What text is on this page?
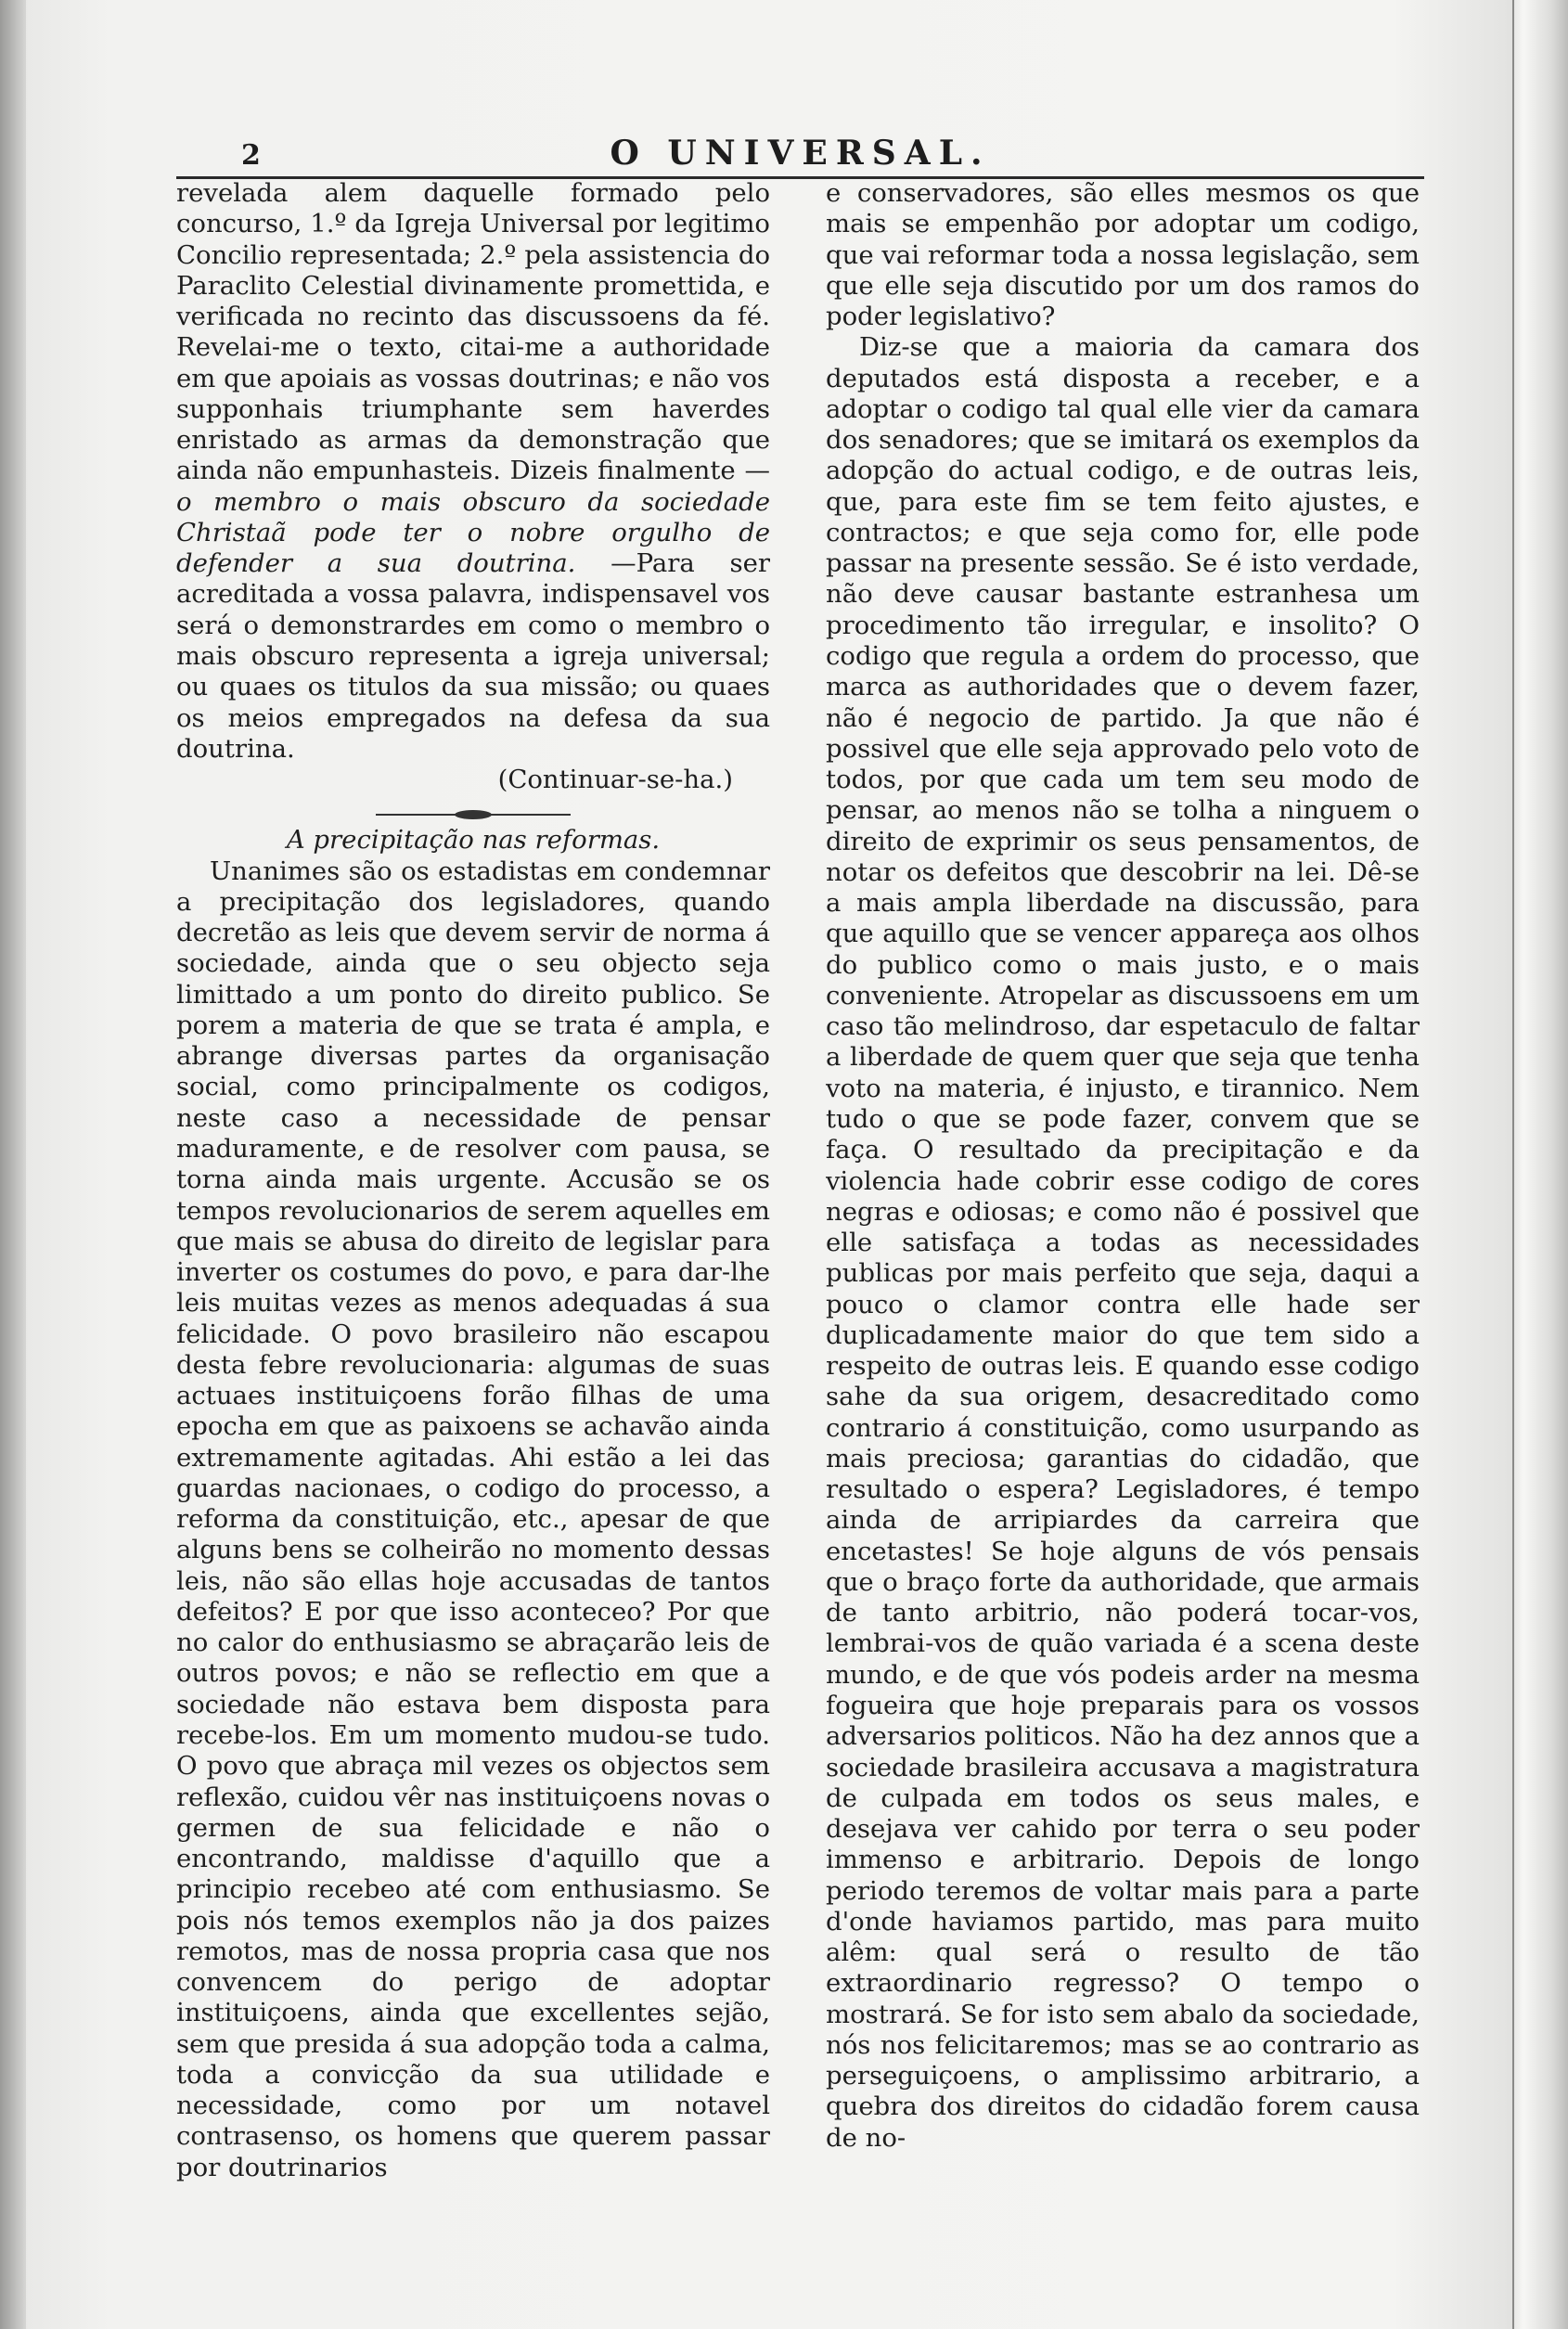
2	O UNIVERSAL.

revelada alem daquelle formado pelo concurso, 1.º da Igreja Universal por legitimo Concilio representada; 2.º pela assistencia do Paraclito Celestial divinamente promettida, e verificada no recinto das discussoens da fé. Revelai-me o texto, citai-me a authoridade em que apoiais as vossas doutrinas; e não vos supponhais triumphante sem haverdes enristado as armas da demonstração que ainda não empunhasteis. Dizeis finalmente — o membro o mais obscuro da sociedade Christaã pode ter o nobre orgulho de defender a sua doutrina. —Para ser acreditada a vossa palavra, indispensavel vos será o demonstrardes em como o membro o mais obscuro representa a igreja universal; ou quaes os titulos da sua missão; ou quaes os meios empregados na defesa da sua doutrina.

(Continuar-se-ha.)

A precipitação nas reformas.

Unanimes são os estadistas em condemnar a precipitação dos legisladores, quando decretão as leis que devem servir de norma á sociedade, ainda que o seu objecto seja limittado a um ponto do direito publico. Se porem a materia de que se trata é ampla, e abrange diversas partes da organisação social, como principalmente os codigos, neste caso a necessidade de pensar maduramente, e de resolver com pausa, se torna ainda mais urgente. Accusão se os tempos revolucionarios de serem aquelles em que mais se abusa do direito de legislar para inverter os costumes do povo, e para dar-lhe leis muitas vezes as menos adequadas á sua felicidade. O povo brasileiro não escapou desta febre revolucionaria: algumas de suas actuaes instituiçoens forão filhas de uma epocha em que as paixoens se achavão ainda extremamente agitadas. Ahi estão a lei das guardas nacionaes, o codigo do processo, a reforma da constituição, etc., apesar de que alguns bens se colheirão no momento dessas leis, não são ellas hoje accusadas de tantos defeitos? E por que isso aconteceo? Por que no calor do enthusiasmo se abraçarão leis de outros povos; e não se reflectio em que a sociedade não estava bem disposta para recebe-los. Em um momento mudou-se tudo. O povo que abraça mil vezes os objectos sem reflexão, cuidou vêr nas instituiçoens novas o germen de sua felicidade e não o encontrando, maldisse d'aquillo que a principio recebeo até com enthusiasmo. Se pois nós temos exemplos não ja dos paizes remotos, mas de nossa propria casa que nos convencem do perigo de adoptar instituiçoens, ainda que excellentes sejão, sem que presida á sua adopção toda a calma, toda a convicção da sua utilidade e necessidade, como por um notavel contrasenso, os homens que querem passar por doutrinarios

e conservadores, são elles mesmos os que mais se empenhão por adoptar um codigo, que vai reformar toda a nossa legislação, sem que elle seja discutido por um dos ramos do poder legislativo?

Diz-se que a maioria da camara dos deputados está disposta a receber, e a adoptar o codigo tal qual elle vier da camara dos senadores; que se imitará os exemplos da adopção do actual codigo, e de outras leis, que, para este fim se tem feito ajustes, e contractos; e que seja como for, elle pode passar na presente sessão. Se é isto verdade, não deve causar bastante estranhesa um procedimento tão irregular, e insolito? O codigo que regula a ordem do processo, que marca as authoridades que o devem fazer, não é negocio de partido. Ja que não é possivel que elle seja approvado pelo voto de todos, por que cada um tem seu modo de pensar, ao menos não se tolha a ninguem o direito de exprimir os seus pensamentos, de notar os defeitos que descobrir na lei. Dê-se a mais ampla liberdade na discussão, para que aquillo que se vencer appareça aos olhos do publico como o mais justo, e o mais conveniente. Atropelar as discussoens em um caso tão melindroso, dar espetaculo de faltar a liberdade de quem quer que seja que tenha voto na materia, é injusto, e tirannico. Nem tudo o que se pode fazer, convem que se faça. O resultado da precipitação e da violencia hade cobrir esse codigo de cores negras e odiosas; e como não é possivel que elle satisfaça a todas as necessidades publicas por mais perfeito que seja, daqui a pouco o clamor contra elle hade ser duplicadamente maior do que tem sido a respeito de outras leis. E quando esse codigo sahe da sua origem, desacreditado como contrario á constituição, como usurpando as mais preciosa; garantias do cidadão, que resultado o espera? Legisladores, é tempo ainda de arripiardes da carreira que encetastes! Se hoje alguns de vós pensais que o braço forte da authoridade, que armais de tanto arbitrio, não poderá tocar-vos, lembrai-vos de quão variada é a scena deste mundo, e de que vós podeis arder na mesma fogueira que hoje preparais para os vossos adversarios politicos. Não ha dez annos que a sociedade brasileira accusava a magistratura de culpada em todos os seus males, e desejava ver cahido por terra o seu poder immenso e arbitrario. Depois de longo periodo teremos de voltar mais para a parte d'onde haviamos partido, mas para muito alêm: qual será o resulto de tão extraordinario regresso? O tempo o mostrará. Se for isto sem abalo da sociedade, nós nos felicitaremos; mas se ao contrario as perseguiçoens, o amplissimo arbitrario, a quebra dos direitos do cidadão forem causa de no-
